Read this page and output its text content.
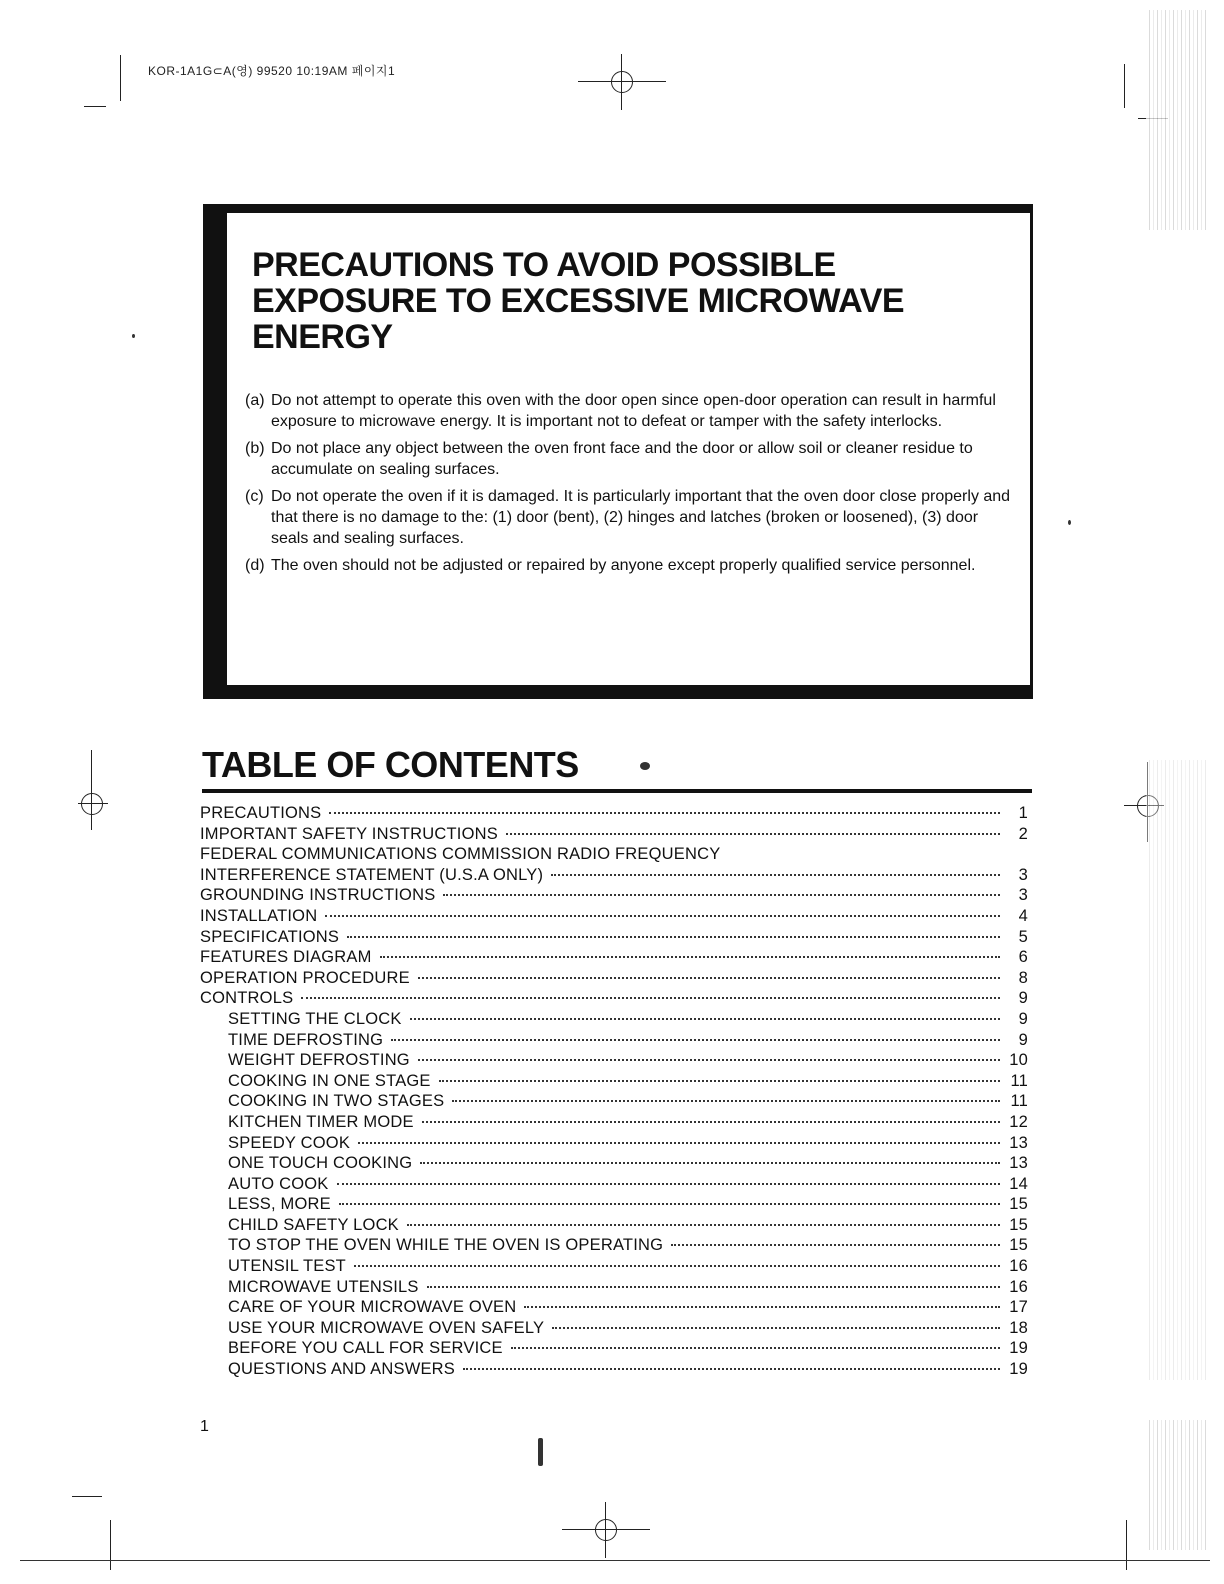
KOR-1A1G⊂A(영) 99520 10:19AM 페이지1
PRECAUTIONS TO AVOID POSSIBLE EXPOSURE TO EXCESSIVE MICROWAVE ENERGY
(a) Do not attempt to operate this oven with the door open since open-door operation can result in harmful exposure to microwave energy. It is important not to defeat or tamper with the safety interlocks.
(b) Do not place any object between the oven front face and the door or allow soil or cleaner residue to accumulate on sealing surfaces.
(c) Do not operate the oven if it is damaged. It is particularly important that the oven door close properly and that there is no damage to the: (1) door (bent), (2) hinges and latches (broken or loosened), (3) door seals and sealing surfaces.
(d) The oven should not be adjusted or repaired by anyone except properly qualified service personnel.
TABLE OF CONTENTS
PRECAUTIONS	1
IMPORTANT SAFETY INSTRUCTIONS	2
FEDERAL COMMUNICATIONS COMMISSION RADIO FREQUENCY
INTERFERENCE STATEMENT (U.S.A ONLY)	3
GROUNDING INSTRUCTIONS	3
INSTALLATION	4
SPECIFICATIONS	5
FEATURES DIAGRAM	6
OPERATION PROCEDURE	8
CONTROLS	9
SETTING THE CLOCK	9
TIME DEFROSTING	9
WEIGHT DEFROSTING	10
COOKING IN ONE STAGE	11
COOKING IN TWO STAGES	11
KITCHEN TIMER MODE	12
SPEEDY COOK	13
ONE TOUCH COOKING	13
AUTO COOK	14
LESS, MORE	15
CHILD SAFETY LOCK	15
TO STOP THE OVEN WHILE THE OVEN IS OPERATING	15
UTENSIL TEST	16
MICROWAVE UTENSILS	16
CARE OF YOUR MICROWAVE OVEN	17
USE YOUR MICROWAVE OVEN SAFELY	18
BEFORE YOU CALL FOR SERVICE	19
QUESTIONS AND ANSWERS	19
1
